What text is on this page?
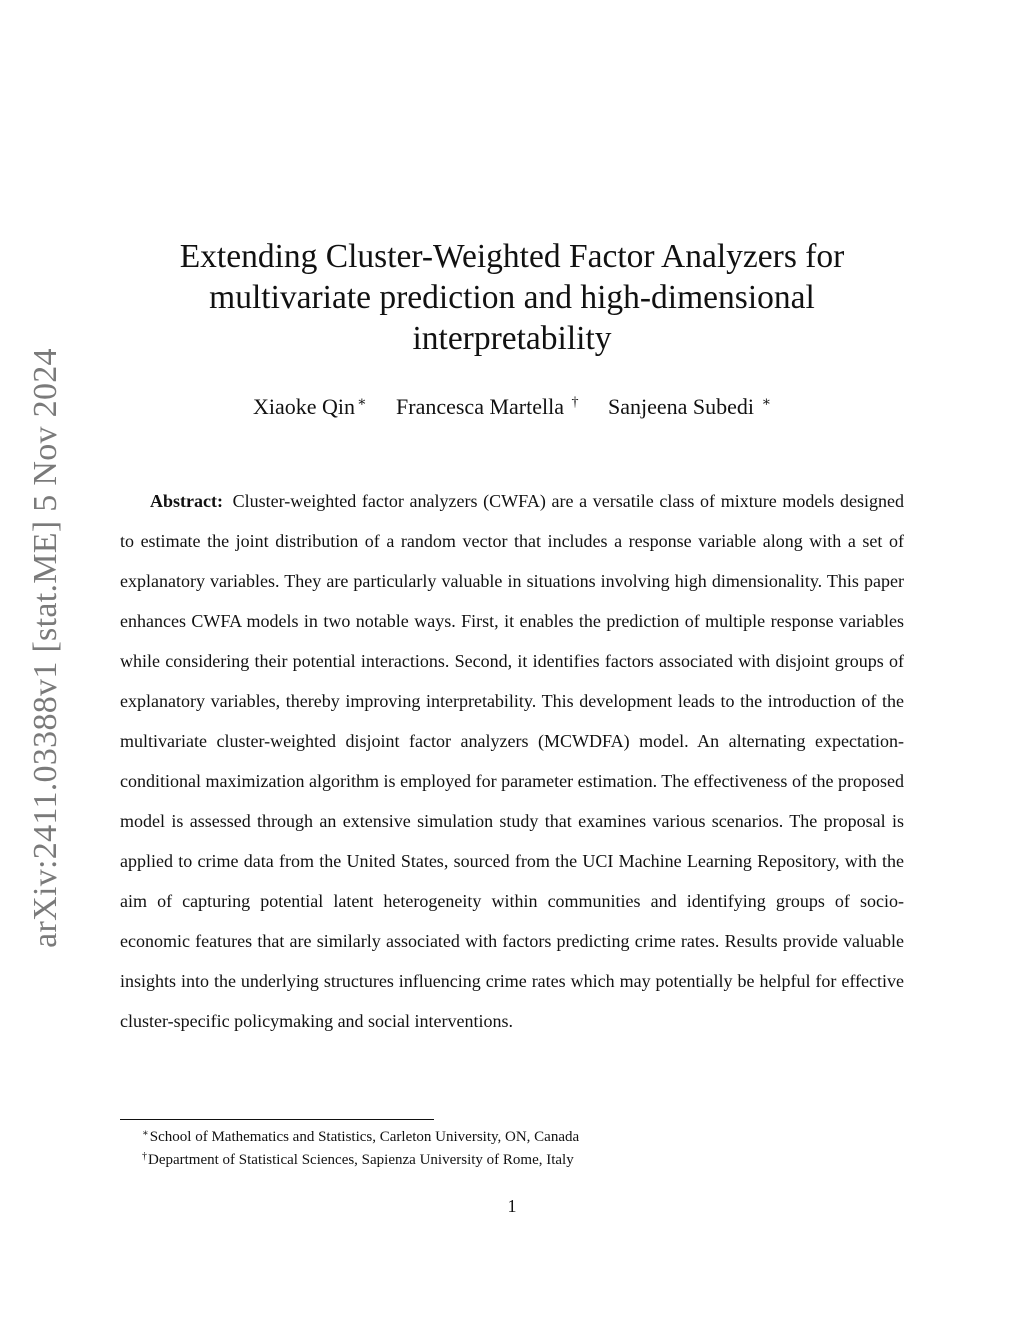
arXiv:2411.03388v1 [stat.ME] 5 Nov 2024
Extending Cluster-Weighted Factor Analyzers for
multivariate prediction and high-dimensional
interpretability
Xiaoke Qin ∗ Francesca Martella † Sanjeena Subedi ∗

Abstract: Cluster-weighted factor analyzers (CWFA) are a versatile class of mixture models designed to estimate the joint distribution of a random vector that includes a response variable along with a set of explanatory variables. They are particularly valuable in situations involving high dimensionality. This paper enhances CWFA models in two notable ways. First, it enables the prediction of multiple response variables while considering their potential interactions. Second, it identifies factors associated with disjoint groups of explanatory variables, thereby improving interpretability. This development leads to the introduction of the multivariate cluster-weighted disjoint factor analyzers (MCWDFA) model. An alternating expectation-conditional maximization algorithm is employed for parameter estimation. The effectiveness of the proposed model is assessed through an extensive simulation study that examines various scenarios. The proposal is applied to crime data from the United States, sourced from the UCI Machine Learning Repository, with the aim of capturing potential latent heterogeneity within communities and identifying groups of socio-economic features that are similarly associated with factors predicting crime rates. Results provide valuable insights into the underlying structures influencing crime rates which may potentially be helpful for effective cluster-specific policymaking and social interventions.

∗School of Mathematics and Statistics, Carleton University, ON, Canada
†Department of Statistical Sciences, Sapienza University of Rome, Italy
1
